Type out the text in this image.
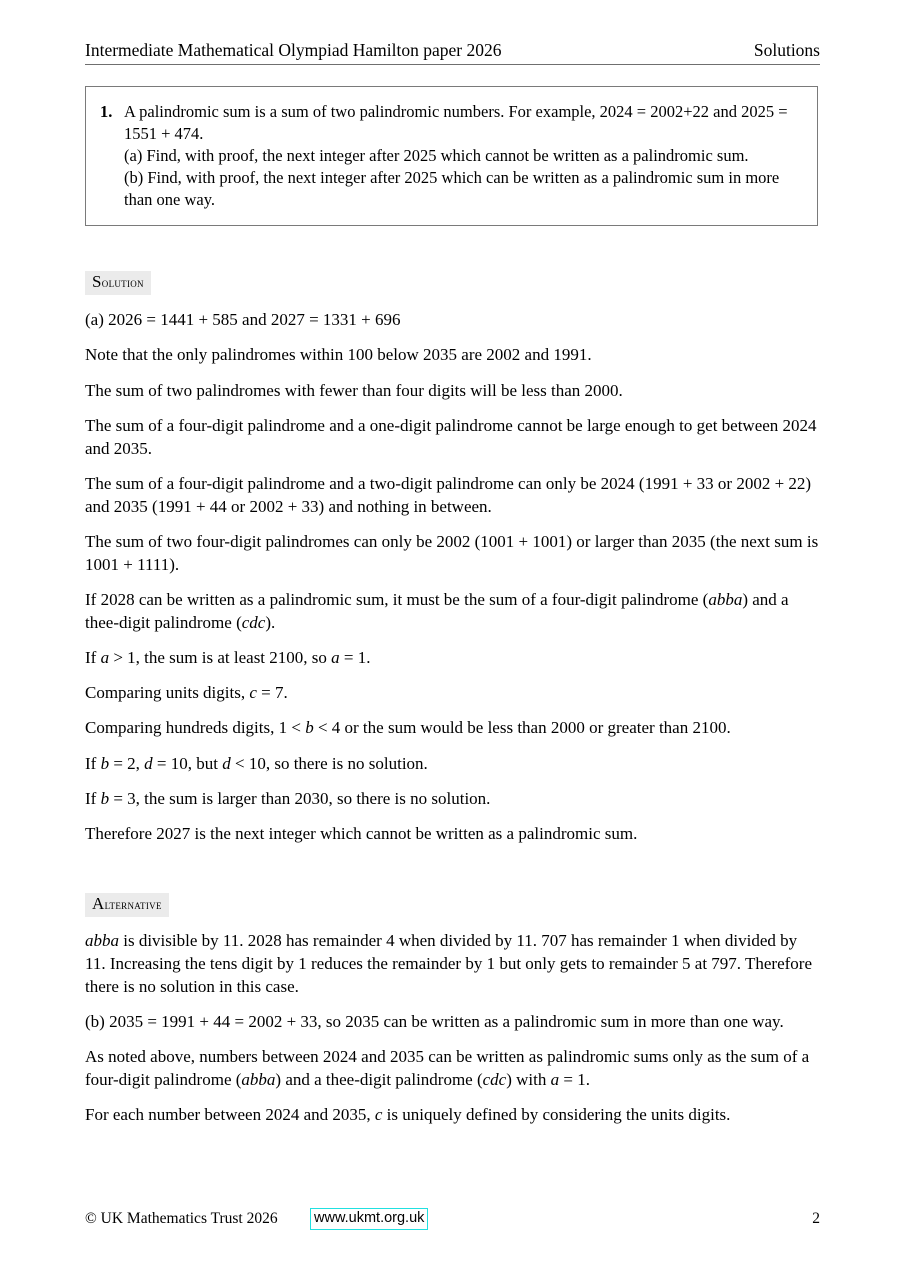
Intermediate Mathematical Olympiad Hamilton paper 2026	Solutions
1. A palindromic sum is a sum of two palindromic numbers. For example, 2024 = 2002+22 and 2025 = 1551 + 474.

(a) Find, with proof, the next integer after 2025 which cannot be written as a palindromic sum.

(b) Find, with proof, the next integer after 2025 which can be written as a palindromic sum in more than one way.

Solution

(a) 2026 = 1441 + 585 and 2027 = 1331 + 696

Note that the only palindromes within 100 below 2035 are 2002 and 1991.

The sum of two palindromes with fewer than four digits will be less than 2000.

The sum of a four-digit palindrome and a one-digit palindrome cannot be large enough to get between 2024 and 2035.

The sum of a four-digit palindrome and a two-digit palindrome can only be 2024 (1991 + 33 or 2002 + 22) and 2035 (1991 + 44 or 2002 + 33) and nothing in between.

The sum of two four-digit palindromes can only be 2002 (1001 + 1001) or larger than 2035 (the next sum is 1001 + 1111).

If 2028 can be written as a palindromic sum, it must be the sum of a four-digit palindrome (abba) and a thee-digit palindrome (cdc).

If a > 1, the sum is at least 2100, so a = 1.

Comparing units digits, c = 7.

Comparing hundreds digits, 1 < b < 4 or the sum would be less than 2000 or greater than 2100.

If b = 2, d = 10, but d < 10, so there is no solution.

If b = 3, the sum is larger than 2030, so there is no solution.

Therefore 2027 is the next integer which cannot be written as a palindromic sum.

Alternative

abba is divisible by 11. 2028 has remainder 4 when divided by 11. 707 has remainder 1 when divided by 11. Increasing the tens digit by 1 reduces the remainder by 1 but only gets to remainder 5 at 797. Therefore there is no solution in this case.

(b) 2035 = 1991 + 44 = 2002 + 33, so 2035 can be written as a palindromic sum in more than one way.

As noted above, numbers between 2024 and 2035 can be written as palindromic sums only as the sum of a four-digit palindrome (abba) and a thee-digit palindrome (cdc) with a = 1.

For each number between 2024 and 2035, c is uniquely defined by considering the units digits.

© UK Mathematics Trust 2026	www.ukmt.org.uk	2
